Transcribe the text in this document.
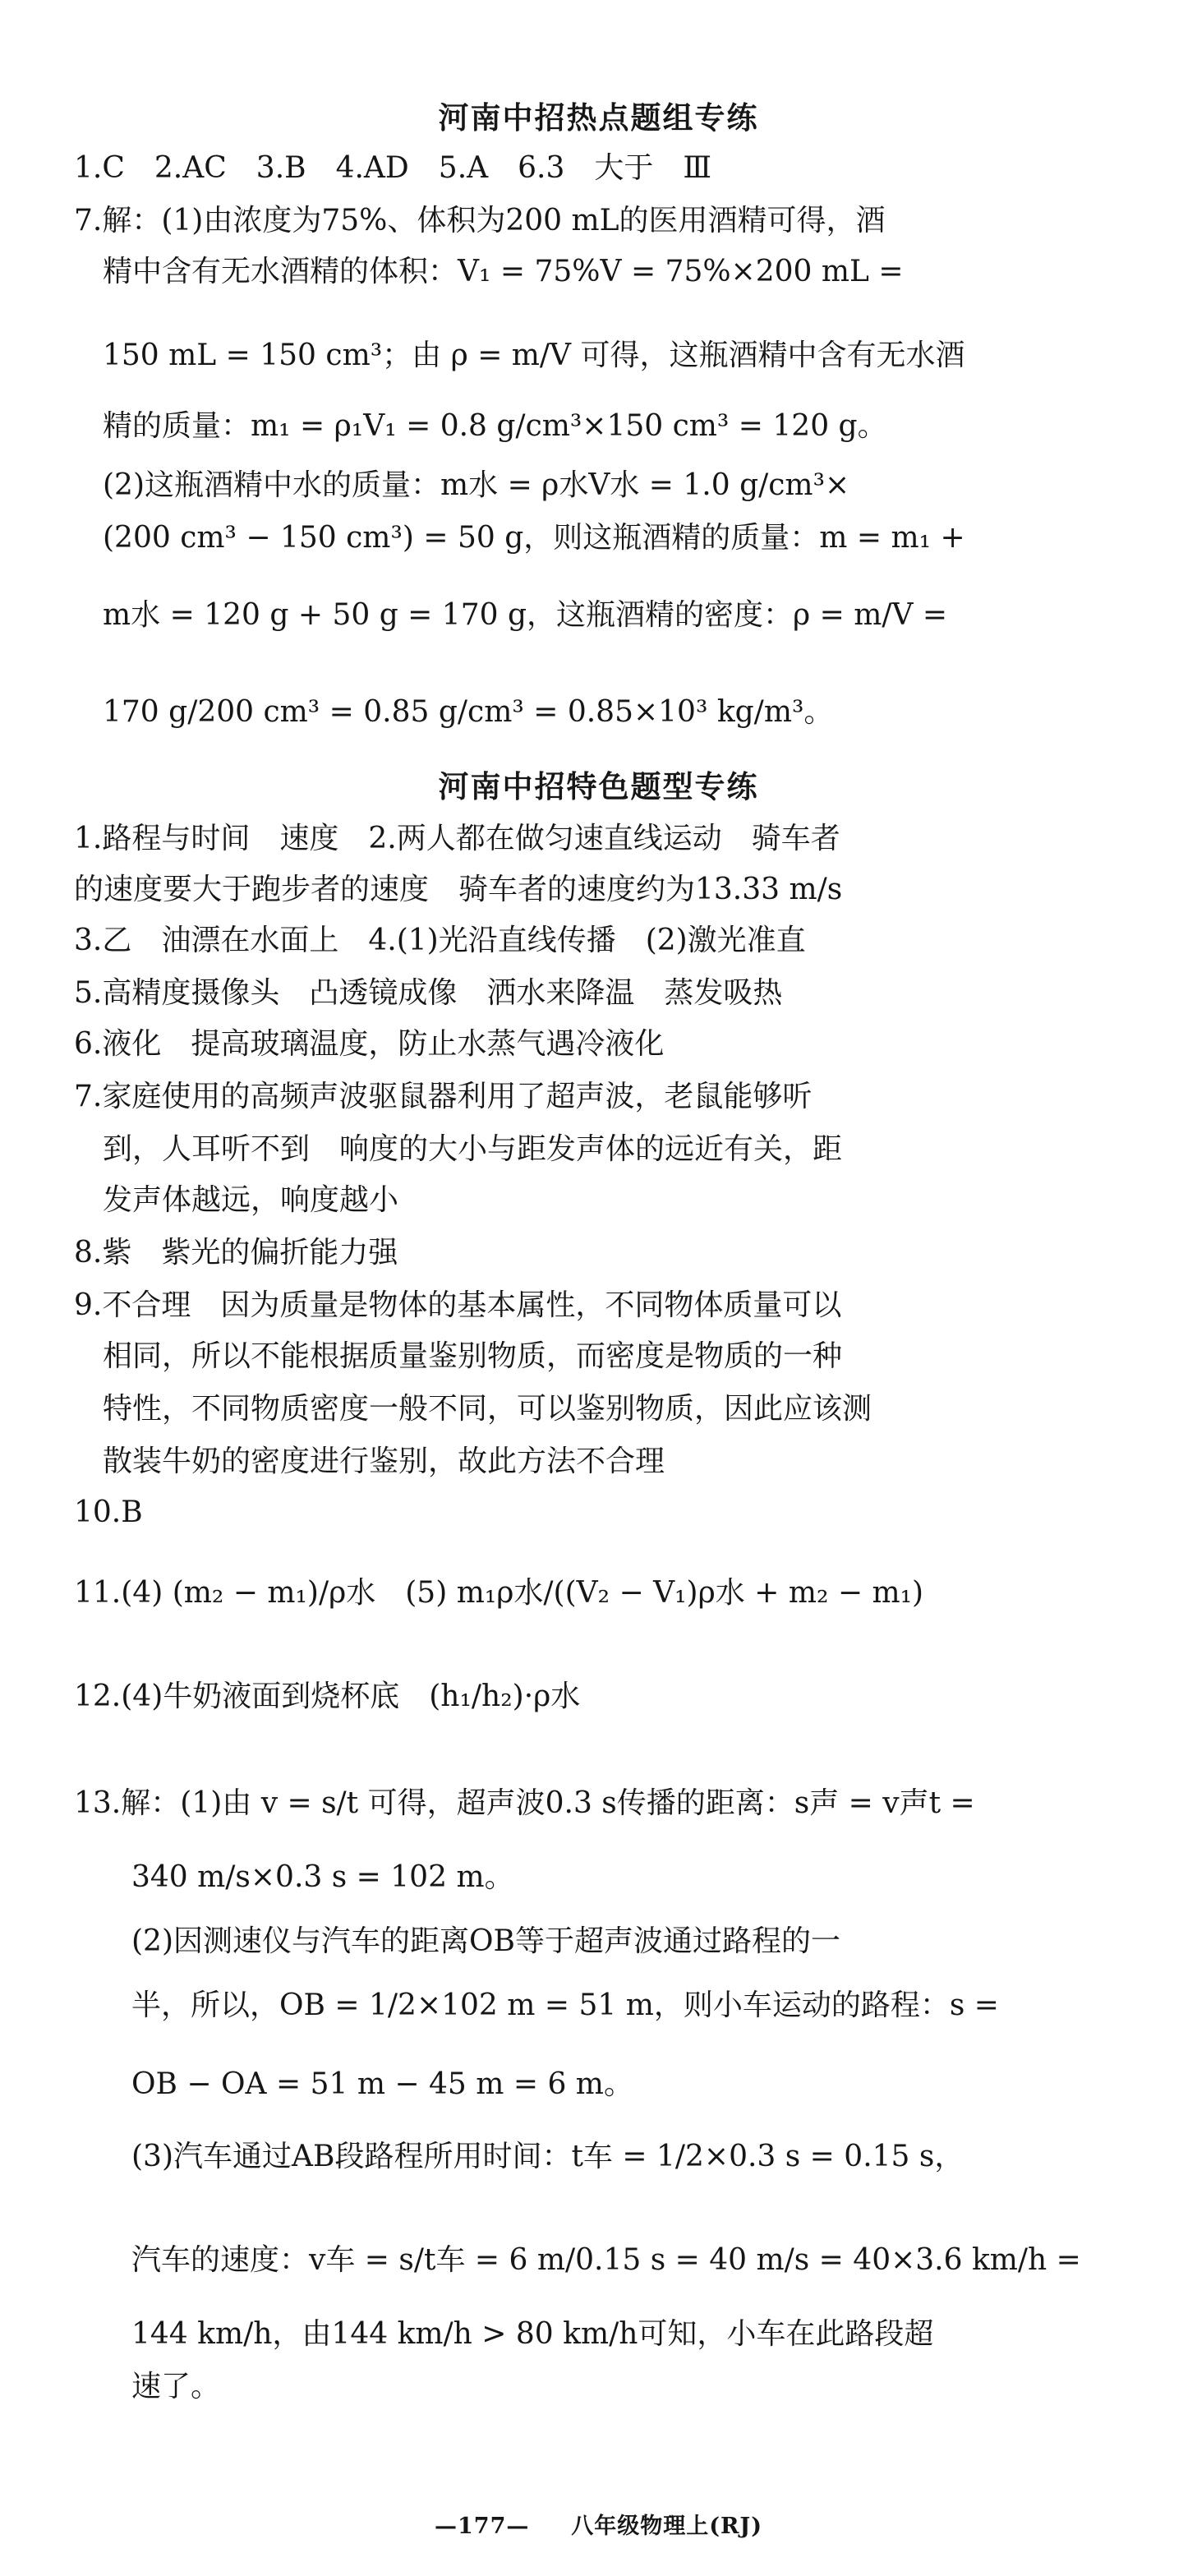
河南中招热点题组专练
1.C　2.AC　3.B　4.AD　5.A　6.3　大于　Ⅲ
7.解：(1)由浓度为75%、体积为200 mL的医用酒精可得，酒
精中含有无水酒精的体积：V₁ = 75%V = 75%×200 mL =
150 mL = 150 cm³；由 ρ = m/V 可得，这瓶酒精中含有无水酒
精的质量：m₁ = ρ₁V₁ = 0.8 g/cm³×150 cm³ = 120 g。
(2)这瓶酒精中水的质量：m水 = ρ水V水 = 1.0 g/cm³×
(200 cm³ − 150 cm³) = 50 g，则这瓶酒精的质量：m = m₁ +
m水 = 120 g + 50 g = 170 g，这瓶酒精的密度：ρ = m/V =
170 g/200 cm³ = 0.85 g/cm³ = 0.85×10³ kg/m³。
河南中招特色题型专练
1.路程与时间　速度　2.两人都在做匀速直线运动　骑车者
的速度要大于跑步者的速度　骑车者的速度约为13.33 m/s
3.乙　油漂在水面上　4.(1)光沿直线传播　(2)激光准直
5.高精度摄像头　凸透镜成像　洒水来降温　蒸发吸热
6.液化　提高玻璃温度，防止水蒸气遇冷液化
7.家庭使用的高频声波驱鼠器利用了超声波，老鼠能够听
到，人耳听不到　响度的大小与距发声体的远近有关，距
发声体越远，响度越小
8.紫　紫光的偏折能力强
9.不合理　因为质量是物体的基本属性，不同物体质量可以
相同，所以不能根据质量鉴别物质，而密度是物质的一种
特性，不同物质密度一般不同，可以鉴别物质，因此应该测
散装牛奶的密度进行鉴别，故此方法不合理
10.B
11.(4) (m₂ − m₁)/ρ水　(5) m₁ρ水/((V₂ − V₁)ρ水 + m₂ − m₁)
12.(4)牛奶液面到烧杯底　(h₁/h₂)·ρ水
13.解：(1)由 v = s/t 可得，超声波0.3 s传播的距离：s声 = v声t =
340 m/s×0.3 s = 102 m。
(2)因测速仪与汽车的距离OB等于超声波通过路程的一
半，所以，OB = 1/2×102 m = 51 m，则小车运动的路程：s =
OB − OA = 51 m − 45 m = 6 m。
(3)汽车通过AB段路程所用时间：t车 = 1/2×0.3 s = 0.15 s，
汽车的速度：v车 = s/t车 = 6 m/0.15 s = 40 m/s = 40×3.6 km/h =
144 km/h，由144 km/h > 80 km/h可知，小车在此路段超
速了。
—177— 八年级物理上(RJ)
